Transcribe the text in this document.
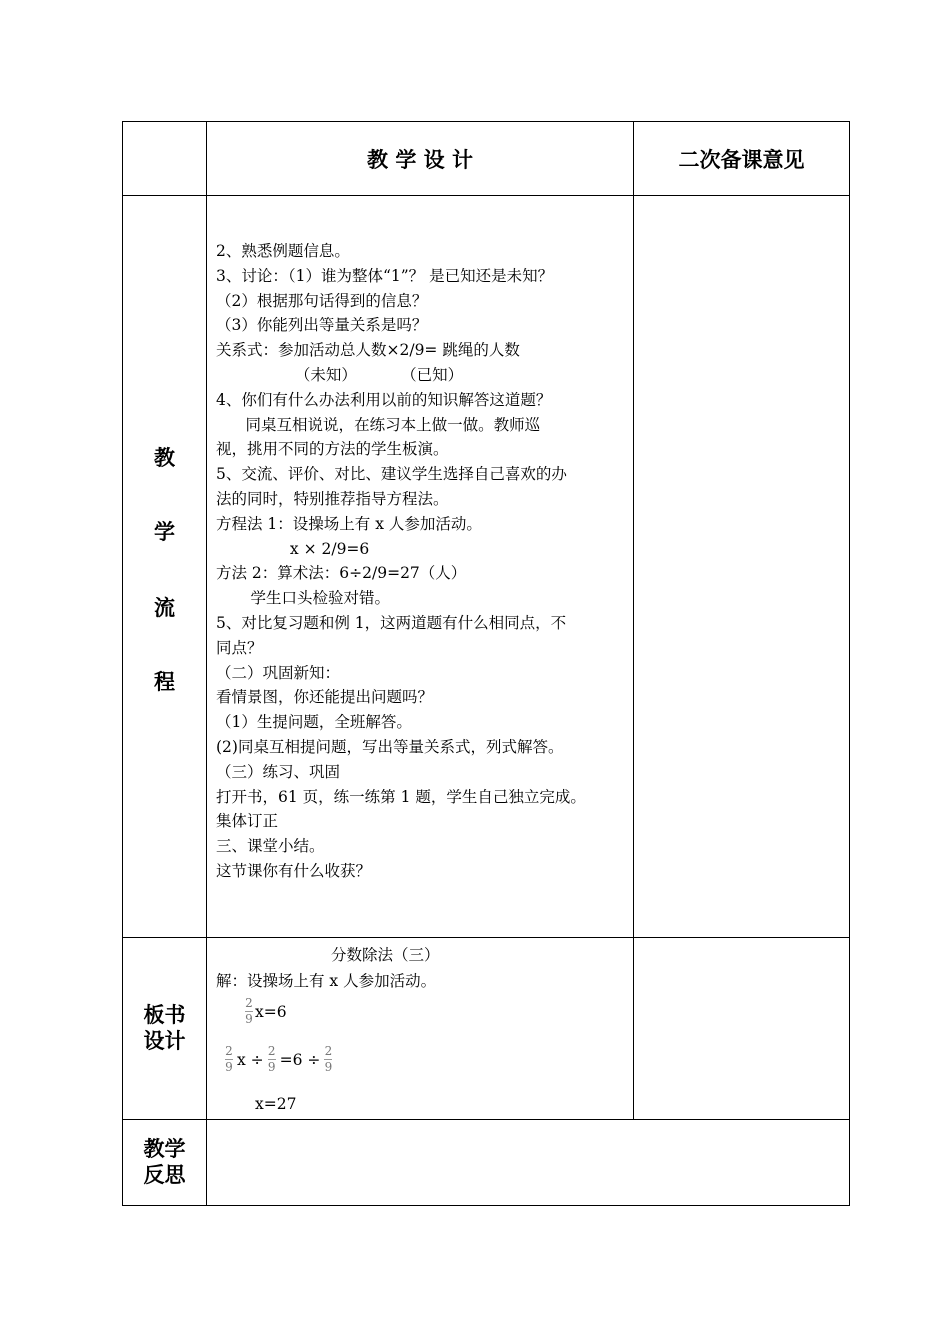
教 学 设 计	二次备课意见
教
学
流
程
2、熟悉例题信息。
3、讨论：（1）谁为整体“1”？ 是已知还是未知？
（2）根据那句话得到的信息？
（3）你能列出等量关系是吗？
关系式：参加活动总人数×2/9= 跳绳的人数
（未知）         （已知）
4、你们有什么办法利用以前的知识解答这道题？
同桌互相说说，在练习本上做一做。教师巡
视，挑用不同的方法的学生板演。
5、交流、评价、对比、建议学生选择自己喜欢的办
法的同时，特别推荐指导方程法。
方程法 1：设操场上有 x 人参加活动。
x × 2/9=6
方法 2：算术法：6÷2/9=27（人）
学生口头检验对错。
5、对比复习题和例 1，这两道题有什么相同点，不
同点？
（二）巩固新知：
看情景图，你还能提出问题吗？
（1）生提问题，全班解答。
(2)同桌互相提问题，写出等量关系式，列式解答。
（三）练习、巩固
打开书，61 页，练一练第 1 题，学生自己独立完成。
集体订正
三、课堂小结。
这节课你有什么收获？
板书
设计
分数除法（三）
解：设操场上有 x 人参加活动。
$\frac{2}{9} x=6$
$\frac{2}{9}$ $x \div \frac{2}{9} =6 \div \frac{2}{9}$
x=27
教学
反思
